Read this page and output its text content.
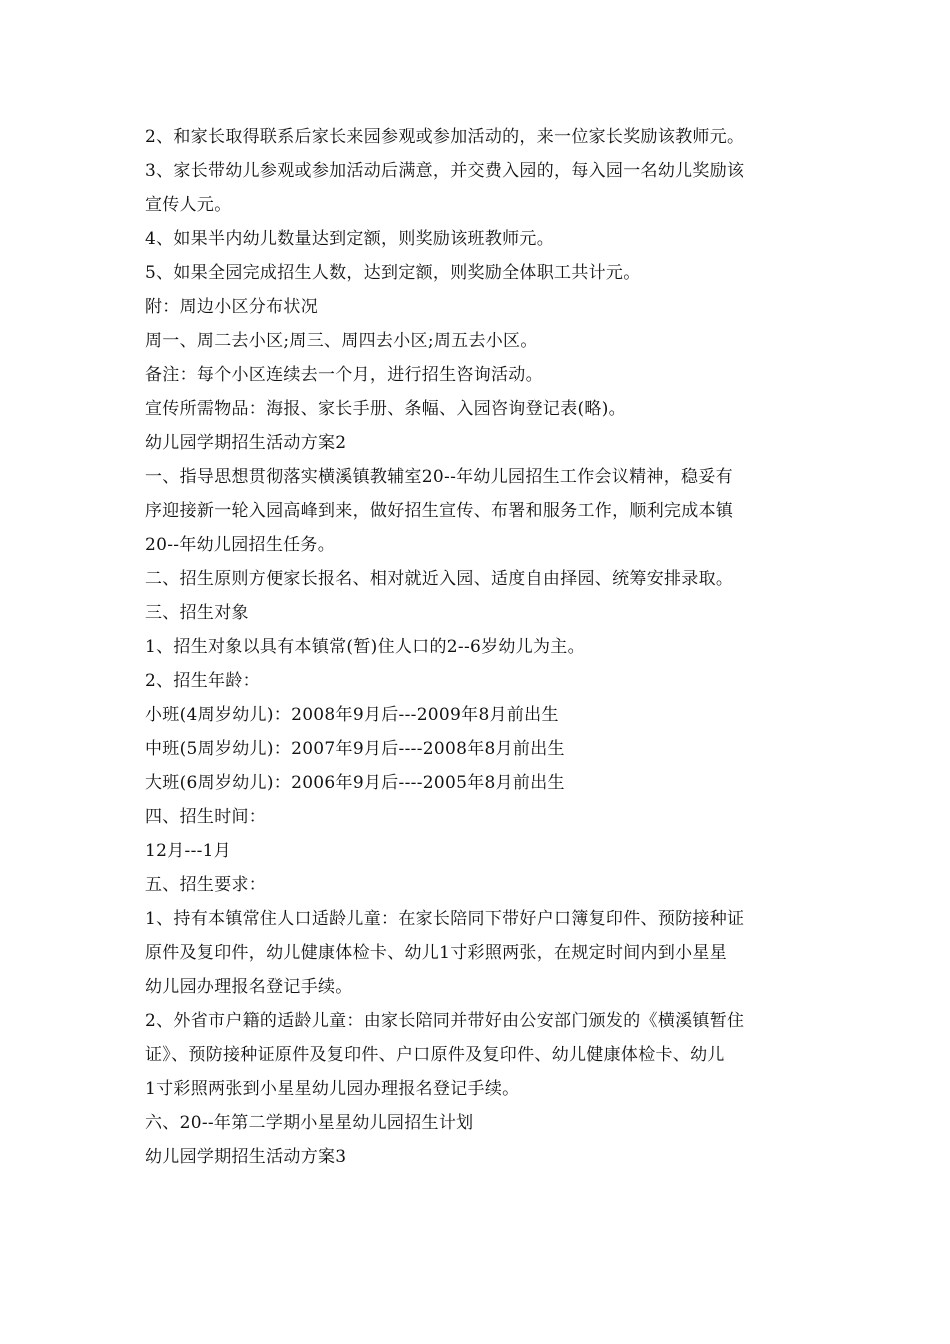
2、和家长取得联系后家长来园参观或参加活动的，来一位家长奖励该教师元。
3、家长带幼儿参观或参加活动后满意，并交费入园的，每入园一名幼儿奖励该
宣传人元。
4、如果半内幼儿数量达到定额，则奖励该班教师元。
5、如果全园完成招生人数，达到定额，则奖励全体职工共计元。
附：周边小区分布状况
周一、周二去小区;周三、周四去小区;周五去小区。
备注：每个小区连续去一个月，进行招生咨询活动。
宣传所需物品：海报、家长手册、条幅、入园咨询登记表(略)。
幼儿园学期招生活动方案2
一、指导思想贯彻落实横溪镇教辅室20--年幼儿园招生工作会议精神，稳妥有
序迎接新一轮入园高峰到来，做好招生宣传、布署和服务工作，顺利完成本镇
20--年幼儿园招生任务。
二、招生原则方便家长报名、相对就近入园、适度自由择园、统筹安排录取。
三、招生对象
1、招生对象以具有本镇常(暂)住人口的2--6岁幼儿为主。
2、招生年龄：
小班(4周岁幼儿)：2008年9月后---2009年8月前出生
中班(5周岁幼儿)：2007年9月后----2008年8月前出生
大班(6周岁幼儿)：2006年9月后----2005年8月前出生
四、招生时间：
12月---1月
五、招生要求：
1、持有本镇常住人口适龄儿童：在家长陪同下带好户口簿复印件、预防接种证
原件及复印件，幼儿健康体检卡、幼儿1寸彩照两张，在规定时间内到小星星
幼儿园办理报名登记手续。
2、外省市户籍的适龄儿童：由家长陪同并带好由公安部门颁发的《横溪镇暂住
证》、预防接种证原件及复印件、户口原件及复印件、幼儿健康体检卡、幼儿
1寸彩照两张到小星星幼儿园办理报名登记手续。
六、20--年第二学期小星星幼儿园招生计划
幼儿园学期招生活动方案3
